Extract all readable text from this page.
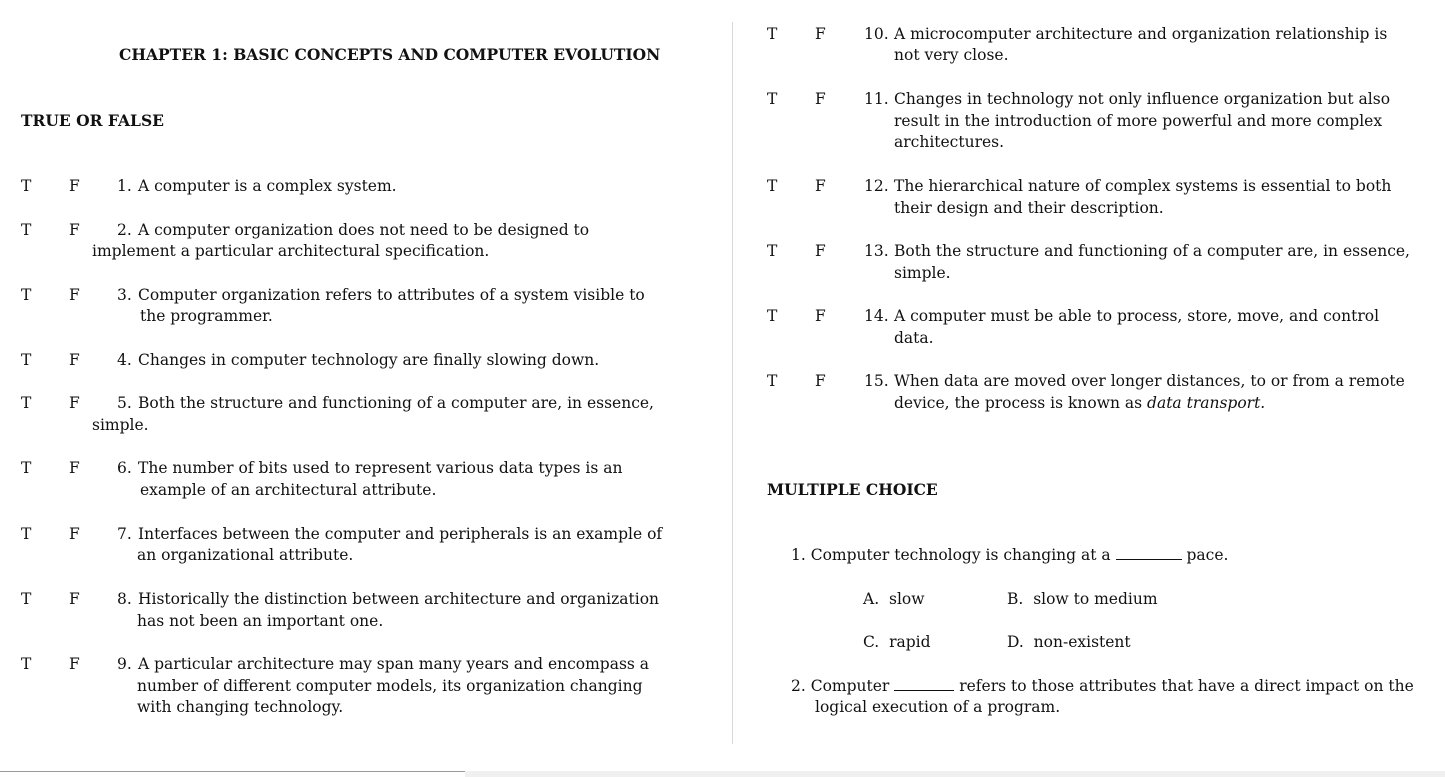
CHAPTER 1: BASIC CONCEPTS AND COMPUTER EVOLUTION
TRUE OR FALSE
T F 1. A computer is a complex system.
T F 2. A computer organization does not need to be designed to
implement a particular architectural specification.
T F 3. Computer organization refers to attributes of a system visible to
the programmer.
T F 4. Changes in computer technology are finally slowing down.
T F 5. Both the structure and functioning of a computer are, in essence,
simple.
T F 6. The number of bits used to represent various data types is an
example of an architectural attribute.
T F 7. Interfaces between the computer and peripherals is an example of
an organizational attribute.
T F 8. Historically the distinction between architecture and organization
has not been an important one.
T F 9. A particular architecture may span many years and encompass a
number of different computer models, its organization changing
with changing technology.
T F 10. A microcomputer architecture and organization relationship is
not very close.
T F 11. Changes in technology not only influence organization but also
result in the introduction of more powerful and more complex
architectures.
T F 12. The hierarchical nature of complex systems is essential to both
their design and their description.
T F 13. Both the structure and functioning of a computer are, in essence,
simple.
T F 14. A computer must be able to process, store, move, and control
data.
T F 15. When data are moved over longer distances, to or from a remote
device, the process is known as data transport.
MULTIPLE CHOICE
1. Computer technology is changing at a	pace.
A. slow	B. slow to medium
C. rapid	D. non-existent
2. Computer	refers to those attributes that have a direct impact on the
logical execution of a program.
